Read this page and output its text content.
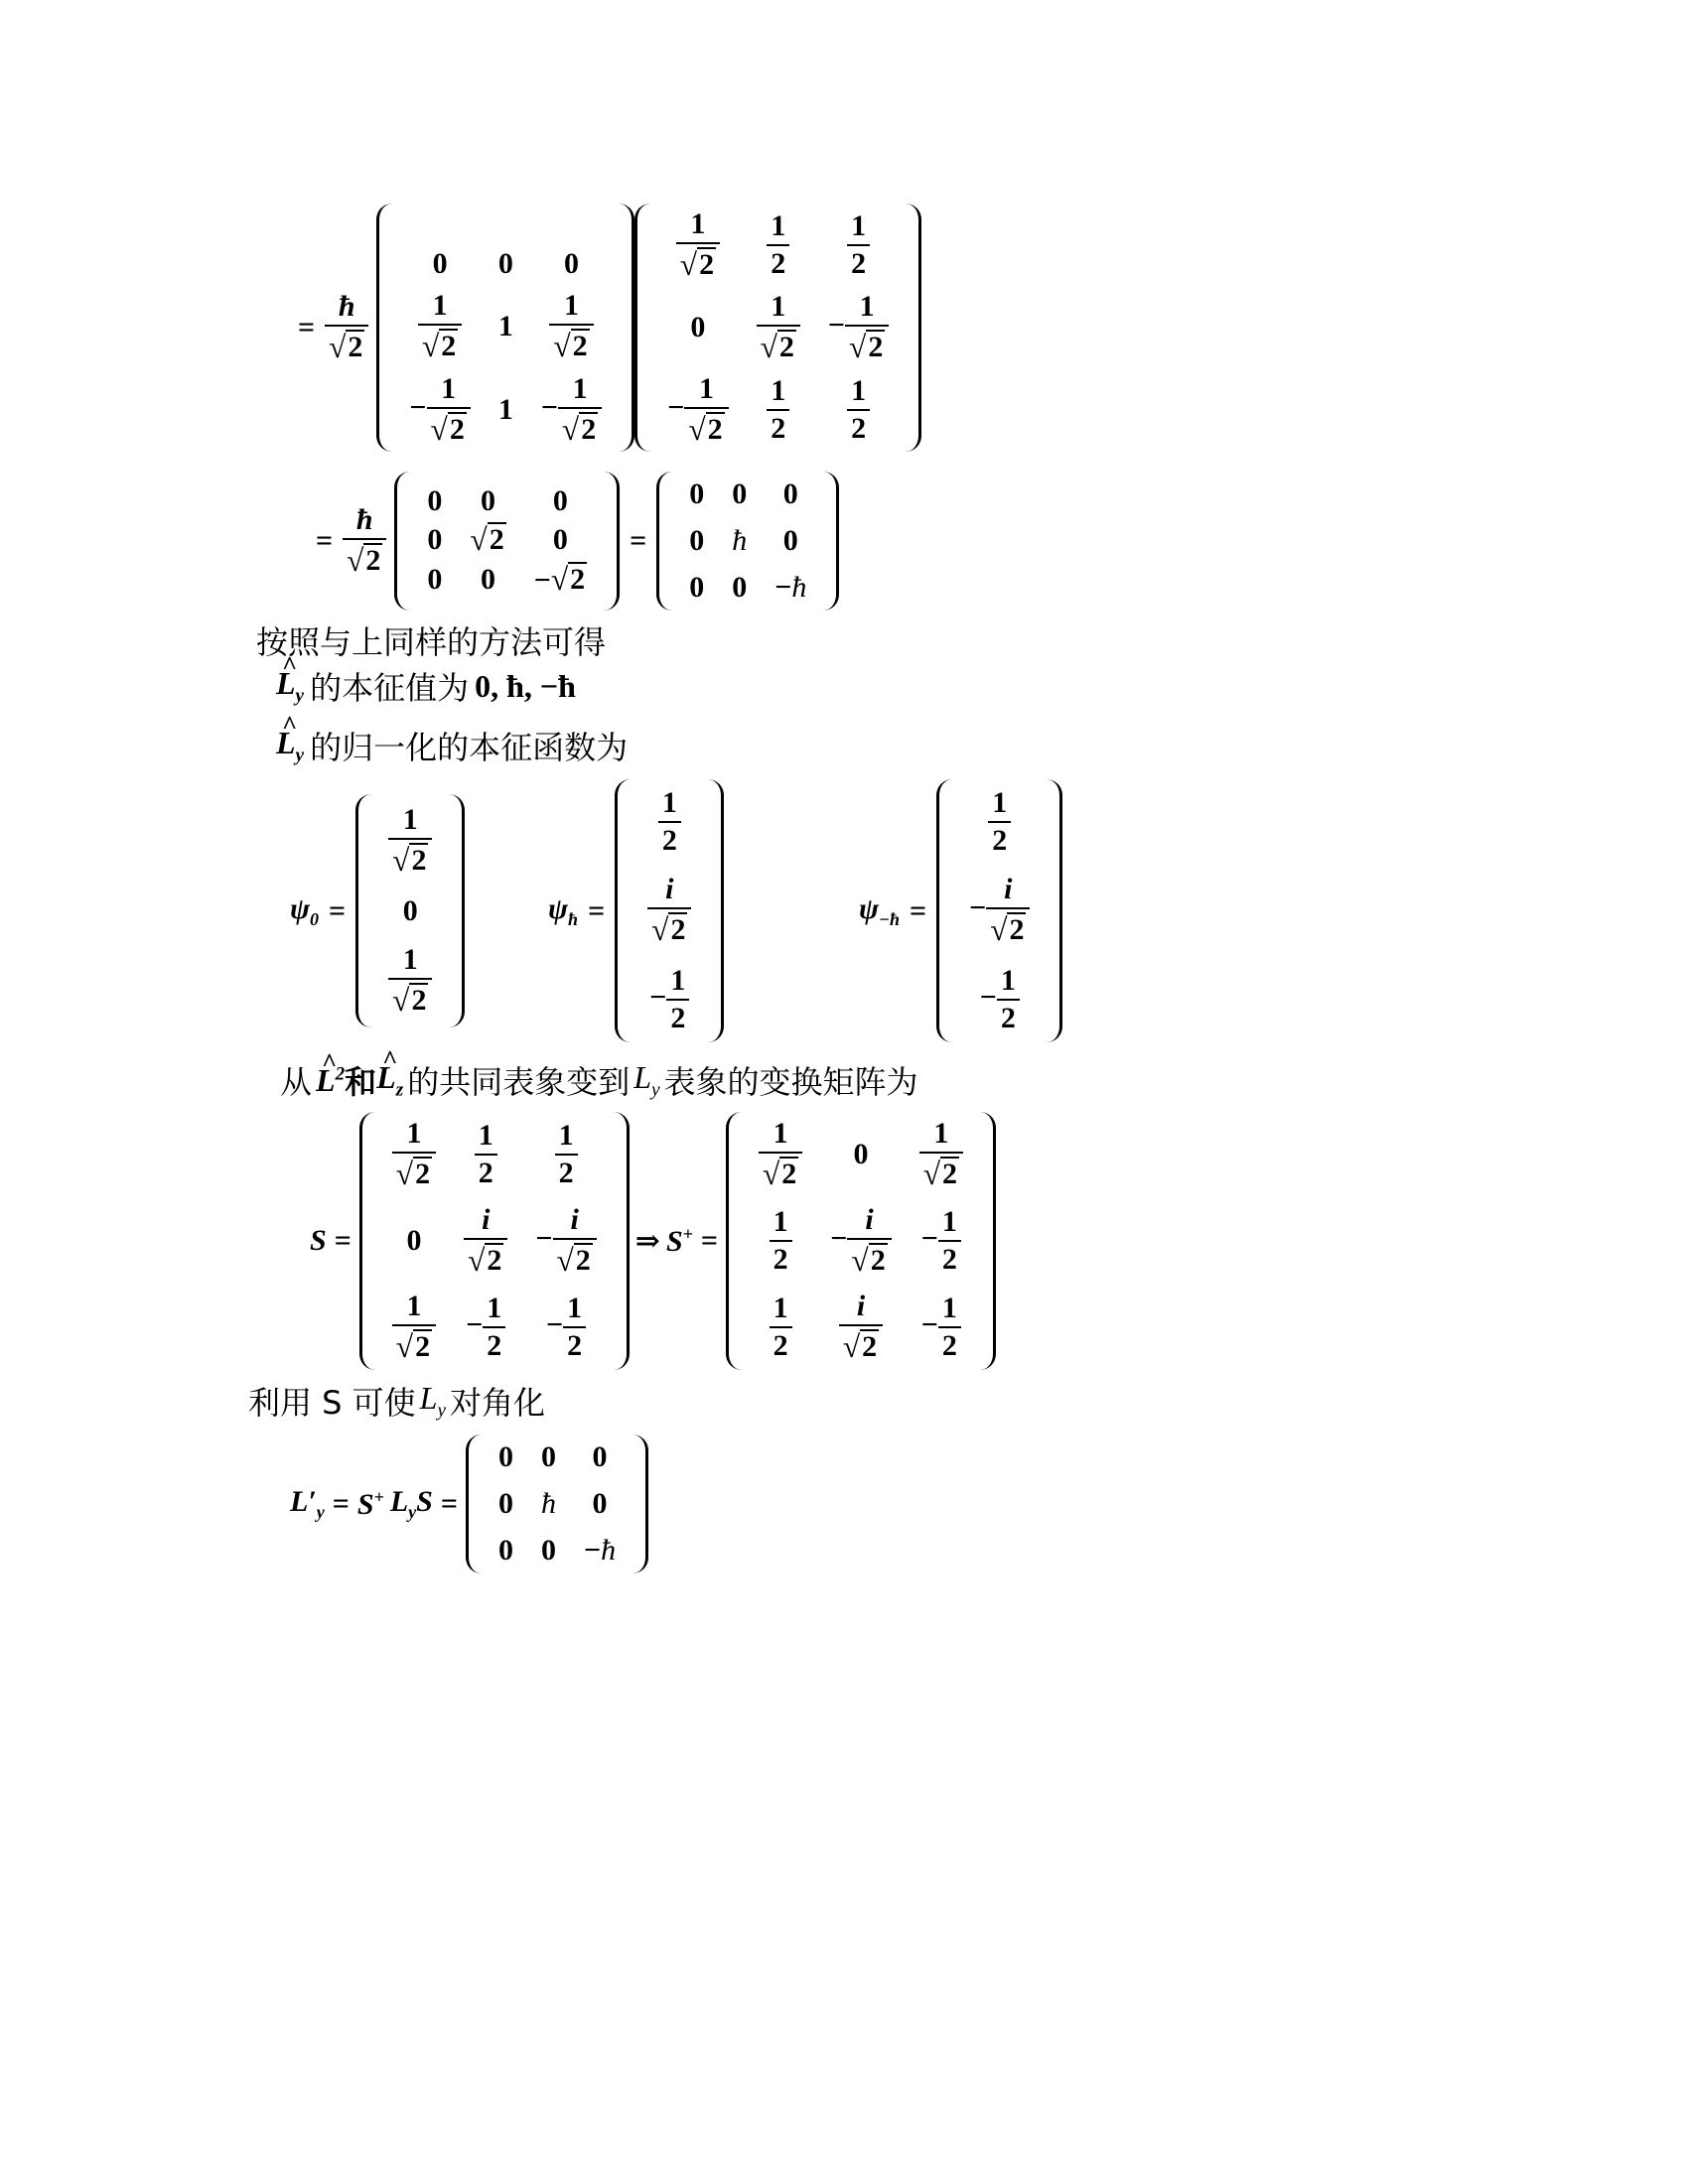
= $\frac{ħ}{√ 2}$
0	0	0

$\frac{1}{√ 2}$	1	$\frac{1}{√ 2}$

− $\frac{1}{√ 2}$	1	− $\frac{1}{√ 2}$
$\frac{1}{√ 2}$	$\frac{1}{2}$	$\frac{1}{2}$

0	$\frac{1}{√ 2}$	− $\frac{1}{√ 2}$

− $\frac{1}{√ 2}$	$\frac{1}{2}$	$\frac{1}{2}$
= $\frac{ħ}{√ 2}$
0	0	0
0	√ 2	0
0	0	− √ 2
=
0	0	0
0	ħ	0
0	0	−ħ
按照与上同样的方法可得
^ $L_y$ 的本征值为 0, ħ, −ħ
^ $L_y$ 的归一化的本征函数为
$\psi_0$ =
$\frac{1}{√ 2}$

0

$\frac{1}{√ 2}$
$\psi_ħ$ =
$\frac{1}{2}$

$\frac{i}{√ 2}$

− $\frac{1}{2}$
$\psi_{-ħ}$ =
$\frac{1}{2}$

− $\frac{i}{√ 2}$

− $\frac{1}{2}$
从 ^ $L^2$ 和 ^ $L_z$ 的共同表象变到 $L_y$ 表象的变换矩阵为
S =
$\frac{1}{√ 2}$	$\frac{1}{2}$	$\frac{1}{2}$

0	$\frac{i}{√ 2}$	− $\frac{i}{√ 2}$

$\frac{1}{√ 2}$	− $\frac{1}{2}$	− $\frac{1}{2}$
⇒ S+ =
$\frac{1}{√ 2}$	0	$\frac{1}{√ 2}$

$\frac{1}{2}$	− $\frac{i}{√ 2}$	− $\frac{1}{2}$

$\frac{1}{2}$	$\frac{i}{√ 2}$	− $\frac{1}{2}$
利用 S 可使 $L_y$ 对角化
$L'_y = S^+$ $L_yS$ =
0	0	0
0	ħ	0
0	0	−ħ
